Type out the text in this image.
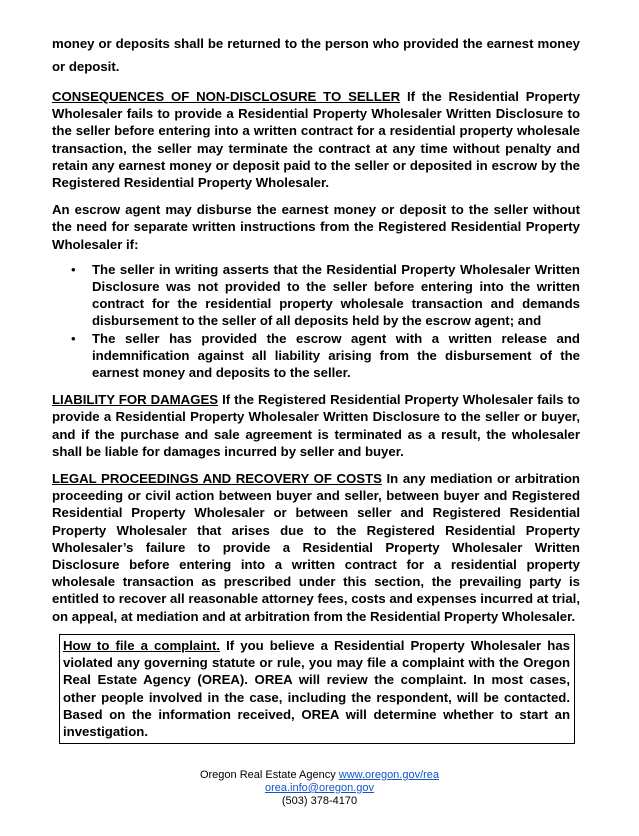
money or deposits shall be returned to the person who provided the earnest money or deposit.

CONSEQUENCES OF NON-DISCLOSURE TO SELLER If the Residential Property Wholesaler fails to provide a Residential Property Wholesaler Written Disclosure to the seller before entering into a written contract for a residential property wholesale transaction, the seller may terminate the contract at any time without penalty and retain any earnest money or deposit paid to the seller or deposited in escrow by the Registered Residential Property Wholesaler.

An escrow agent may disburse the earnest money or deposit to the seller without the need for separate written instructions from the Registered Residential Property Wholesaler if:

• The seller in writing asserts that the Residential Property Wholesaler Written Disclosure was not provided to the seller before entering into the written contract for the residential property wholesale transaction and demands disbursement to the seller of all deposits held by the escrow agent; and
• The seller has provided the escrow agent with a written release and indemnification against all liability arising from the disbursement of the earnest money and deposits to the seller.

LIABILITY FOR DAMAGES If the Registered Residential Property Wholesaler fails to provide a Residential Property Wholesaler Written Disclosure to the seller or buyer, and if the purchase and sale agreement is terminated as a result, the wholesaler shall be liable for damages incurred by seller and buyer.

LEGAL PROCEEDINGS AND RECOVERY OF COSTS In any mediation or arbitration proceeding or civil action between buyer and seller, between buyer and Registered Residential Property Wholesaler or between seller and Registered Residential Property Wholesaler that arises due to the Registered Residential Property Wholesaler’s failure to provide a Residential Property Wholesaler Written Disclosure before entering into a written contract for a residential property wholesale transaction as prescribed under this section, the prevailing party is entitled to recover all reasonable attorney fees, costs and expenses incurred at trial, on appeal, at mediation and at arbitration from the Residential Property Wholesaler.

How to file a complaint. If you believe a Residential Property Wholesaler has violated any governing statute or rule, you may file a complaint with the Oregon Real Estate Agency (OREA). OREA will review the complaint. In most cases, other people involved in the case, including the respondent, will be contacted. Based on the information received, OREA will determine whether to start an investigation.

Oregon Real Estate Agency www.oregon.gov/rea
orea.info@oregon.gov
(503) 378-4170
